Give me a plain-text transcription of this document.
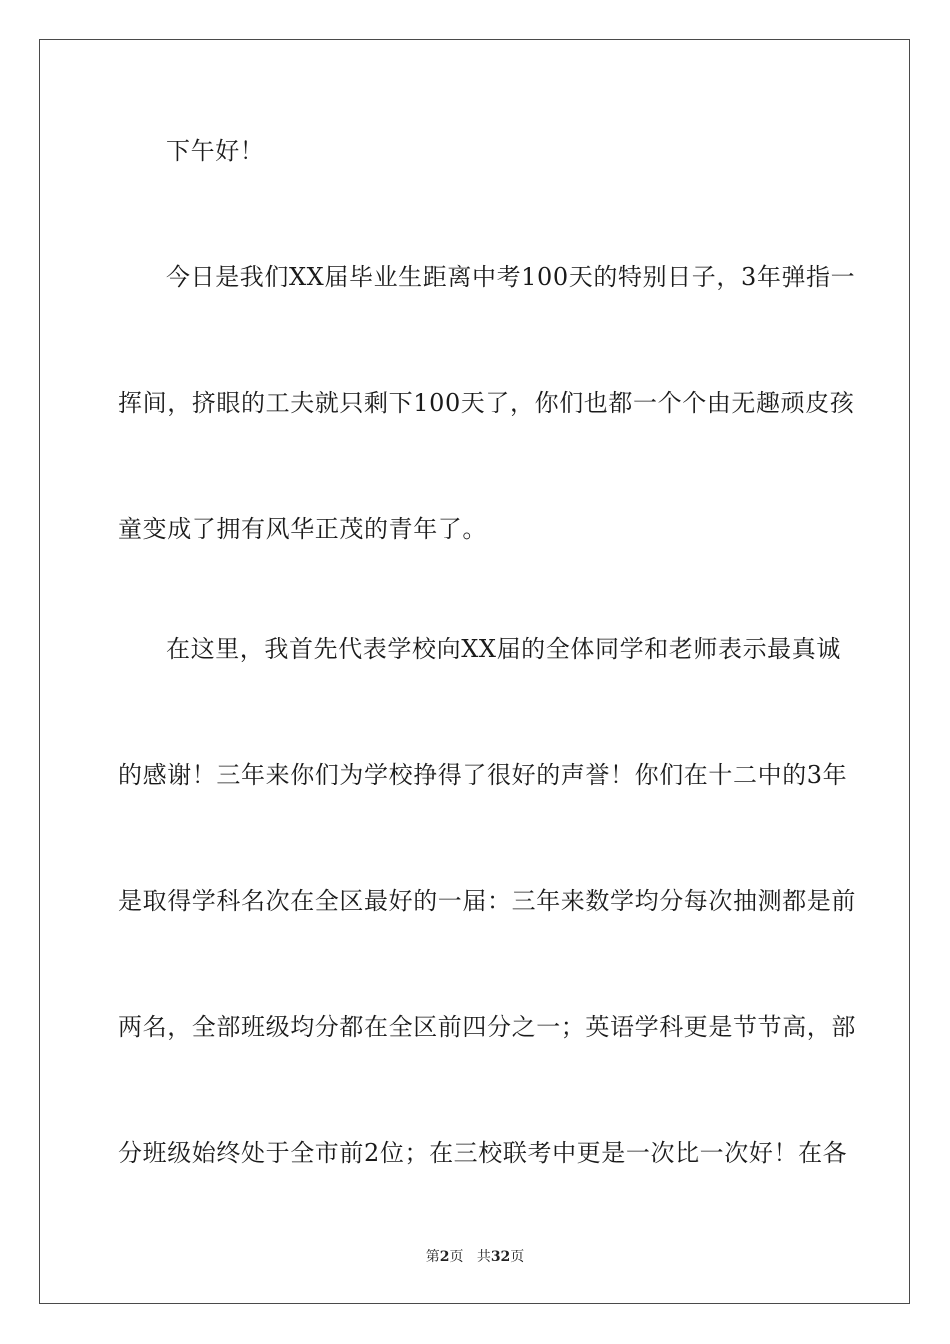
下午好！
今日是我们XX届毕业生距离中考100天的特别日子，3年弹指一
挥间，挤眼的工夫就只剩下100天了，你们也都一个个由无趣顽皮孩
童变成了拥有风华正茂的青年了。
在这里，我首先代表学校向XX届的全体同学和老师表示最真诚
的感谢！三年来你们为学校挣得了很好的声誉！你们在十二中的3年
是取得学科名次在全区最好的一届：三年来数学均分每次抽测都是前
两名，全部班级均分都在全区前四分之一；英语学科更是节节高，部
分班级始终处于全市前2位；在三校联考中更是一次比一次好！在各
第2页 共32页
